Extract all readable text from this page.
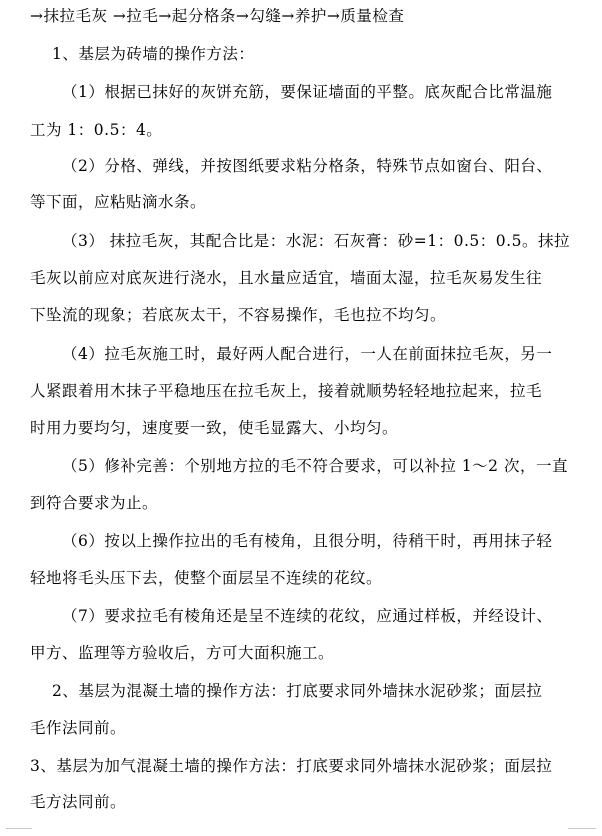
→抹拉毛灰 →拉毛→起分格条→勾缝→养护→质量检查
1、基层为砖墙的操作方法：
（1）根据已抹好的灰饼充筋，要保证墙面的平整。底灰配合比常温施
工为 1：0.5：4。
（2）分格、弹线，并按图纸要求粘分格条，特殊节点如窗台、阳台、
等下面，应粘贴滴水条。
（3） 抹拉毛灰，其配合比是：水泥：石灰膏：砂=1：0.5：0.5。抹拉
毛灰以前应对底灰进行浇水，且水量应适宜，墙面太湿，拉毛灰易发生往
下坠流的现象；若底灰太干，不容易操作，毛也拉不均匀。
（4）拉毛灰施工时，最好两人配合进行，一人在前面抹拉毛灰，另一
人紧跟着用木抹子平稳地压在拉毛灰上，接着就顺势轻轻地拉起来，拉毛
时用力要均匀，速度要一致，使毛显露大、小均匀。
（5）修补完善：个别地方拉的毛不符合要求，可以补拉 1～2 次，一直
到符合要求为止。
（6）按以上操作拉出的毛有棱角，且很分明，待稍干时，再用抹子轻
轻地将毛头压下去，使整个面层呈不连续的花纹。
（7）要求拉毛有棱角还是呈不连续的花纹，应通过样板，并经设计、
甲方、监理等方验收后，方可大面积施工。
2、基层为混凝土墙的操作方法：打底要求同外墙抹水泥砂浆；面层拉
毛作法同前。
3、基层为加气混凝土墙的操作方法：打底要求同外墙抹水泥砂浆；面层拉
毛方法同前。
